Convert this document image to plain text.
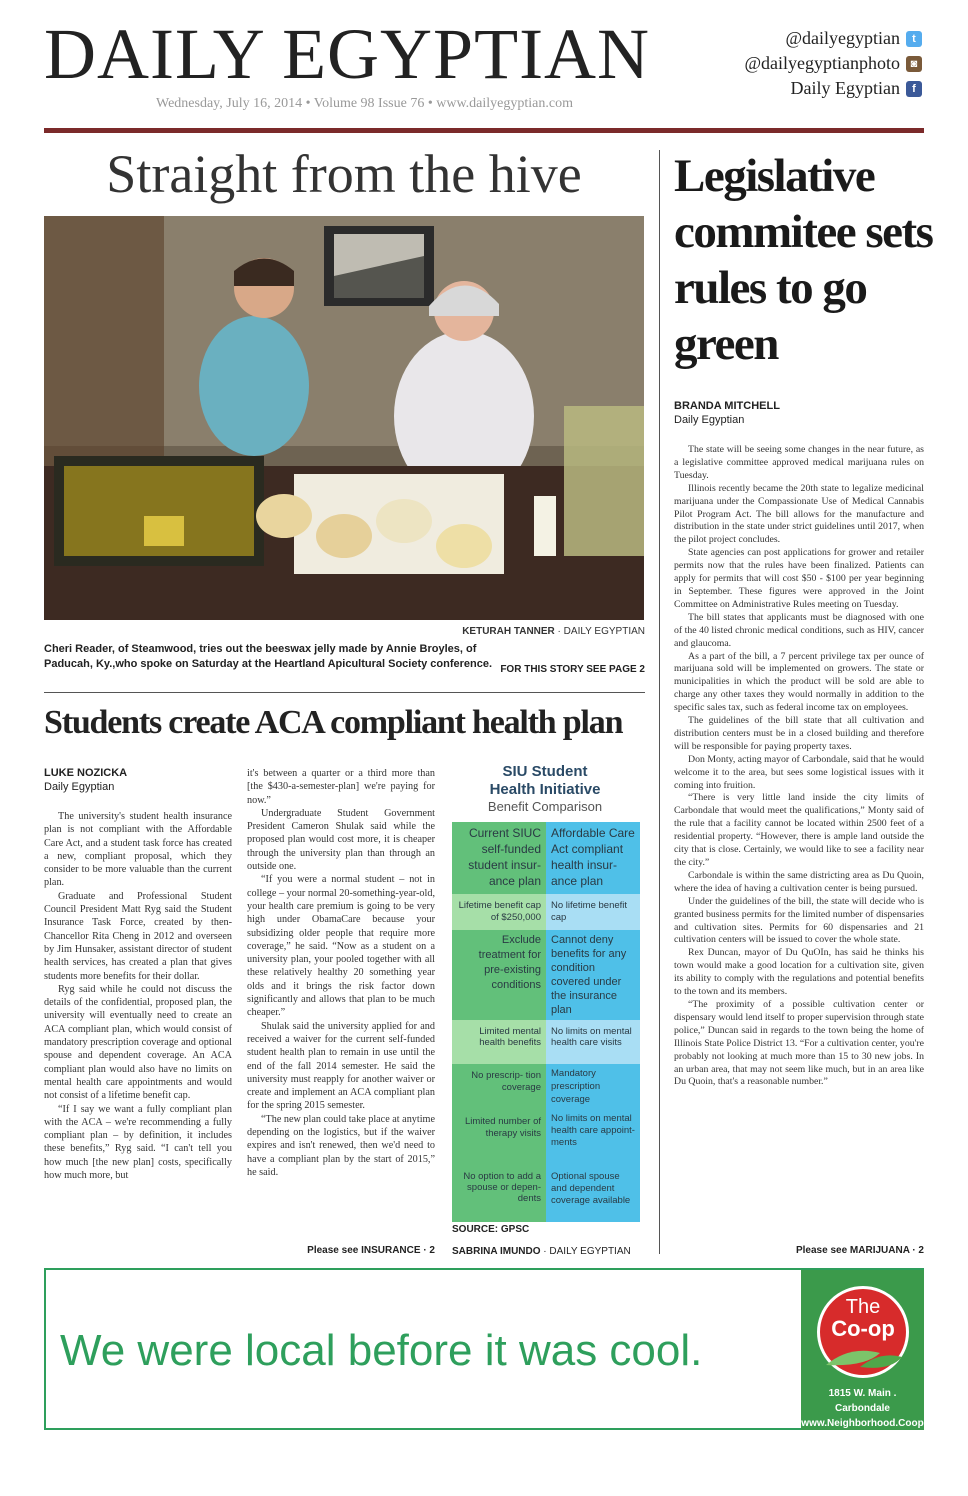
DAILY EGYPTIAN
Wednesday, July 16, 2014 • Volume 98 Issue 76 • www.dailyegyptian.com
@dailyegyptian	t
@dailyegyptianphoto ◙
Daily Egyptian	f
Straight from the hive
KETURAH TANNER · DAILY EGYPTIAN
Cheri Reader, of Steamwood, tries out the beeswax jelly made by Annie Broyles, of Paducah, Ky.,who spoke on Saturday at the Heartland Apicultural Society conference. FOR THIS STORY SEE PAGE 2
Students create ACA compliant health plan
LUKE NOZICKA
Daily Egyptian

The university's student health insurance plan is not compliant with the Affordable Care Act, and a student task force has created a new, compliant proposal, which they consider to be more valuable than the current plan.

Graduate and Professional Student Council President Matt Ryg said the Student Insurance Task Force, created by then-Chancellor Rita Cheng in 2012 and overseen by Jim Hunsaker, assistant director of student health services, has created a plan that gives students more benefits for their dollar.

Ryg said while he could not discuss the details of the confidential, proposed plan, the university will eventually need to create an ACA compliant plan, which would consist of mandatory prescription coverage and optional spouse and dependent coverage. An ACA compliant plan would also have no limits on mental health care appointments and would not consist of a lifetime benefit cap.

“If I say we want a fully compliant plan with the ACA – we're recommending a fully compliant plan – by definition, it includes these benefits,” Ryg said. “I can't tell you how much [the new plan] costs, specifically how much more, but

it's between a quarter or a third more than [the $430-a-semester-plan] we're paying for now.”

Undergraduate Student Government President Cameron Shulak said while the proposed plan would cost more, it is cheaper through the university plan than through an outside one.

“If you were a normal student – not in college – your normal 20-something-year-old, your health care premium is going to be very high under ObamaCare because your subsidizing older people that require more coverage,” he said. “Now as a student on a university plan, your pooled together with all these relatively healthy 20 something year olds and it brings the risk factor down significantly and allows that plan to be much cheaper.”

Shulak said the university applied for and received a waiver for the current self-funded student health plan to remain in use until the end of the fall 2014 semester. He said the university must reapply for another waiver or create and implement an ACA compliant plan for the spring 2015 semester.

“The new plan could take place at anytime depending on the logistics, but if the waiver expires and isn't renewed, then we'd need to have a compliant plan by the start of 2015,” he said.

Please see INSURANCE · 2
SIU Student
Health Initiative
Benefit Comparison
Current SIUC self-funded student insur- ance plan
Affordable Care Act compliant health insur- ance plan
Lifetime benefit cap of $250,000
No lifetime benefit cap
Exclude treatment for pre-existing conditions
Cannot deny benefits for any condition covered under the insurance plan
Limited mental health benefits
No limits on mental health care visits
No prescrip- tion coverage
Mandatory prescription coverage
Limited number of therapy visits
No limits on mental health care appoint- ments
No option to add a spouse or depen- dents
Optional spouse and dependent coverage available
SOURCE: GPSC
SABRINA IMUNDO · DAILY EGYPTIAN
Legislative commitee sets rules to go green
BRANDA MITCHELL
Daily Egyptian

The state will be seeing some changes in the near future, as a legislative committee approved medical marijuana rules on Tuesday.

Illinois recently became the 20th state to legalize medicinal marijuana under the Compassionate Use of Medical Cannabis Pilot Program Act. The bill allows for the manufacture and distribution in the state under strict guidelines until 2017, when the pilot project concludes.

State agencies can post applications for grower and retailer permits now that the rules have been finalized. Patients can apply for permits that will cost $50 - $100 per year beginning in September. These figures were approved in the Joint Committee on Administrative Rules meeting on Tuesday.

The bill states that applicants must be diagnosed with one of the 40 listed chronic medical conditions, such as HIV, cancer and glaucoma.

As a part of the bill, a 7 percent privilege tax per ounce of marijuana sold will be implemented on growers. The state or municipalities in which the product will be sold are able to charge any other taxes they would normally in addition to the specific sales tax, such as federal income tax on employees.

The guidelines of the bill state that all cultivation and distribution centers must be in a closed building and therefore will be responsible for paying property taxes.

Don Monty, acting mayor of Carbondale, said that he would welcome it to the area, but sees some logistical issues with it coming into fruition.

“There is very little land inside the city limits of Carbondale that would meet the qualifications,” Monty said of the rule that a facility cannot be located within 2500 feet of a residential property. “However, there is ample land outside the city that is close. Certainly, we would like to see a facility near the city.”

Carbondale is within the same districting area as Du Quoin, where the idea of having a cultivation center is being pursued.

Under the guidelines of the bill, the state will decide who is granted business permits for the limited number of dispensaries and cultivation sites. Permits for 60 dispensaries and 21 cultivation centers will be issued to cover the whole state.

Rex Duncan, mayor of Du QuOIn, has said he thinks his town would make a good location for a cultivation site, given its ability to comply with the regulations and potential benefits to the town and its members.

“The proximity of a possible cultivation center or dispensary would lend itself to proper supervision through state police,” Duncan said in regards to the town being the home of Illinois State Police District 13. “For a cultivation center, you're probably not looking at much more than 15 to 30 new jobs. In an urban area, that may not seem like much, but in an area like Du Quoin, that's a reasonable number.”

Please see MARIJUANA · 2
We were local before it was cool.
The
Co-op
1815 W. Main . Carbondale
www.Neighborhood.Coop
